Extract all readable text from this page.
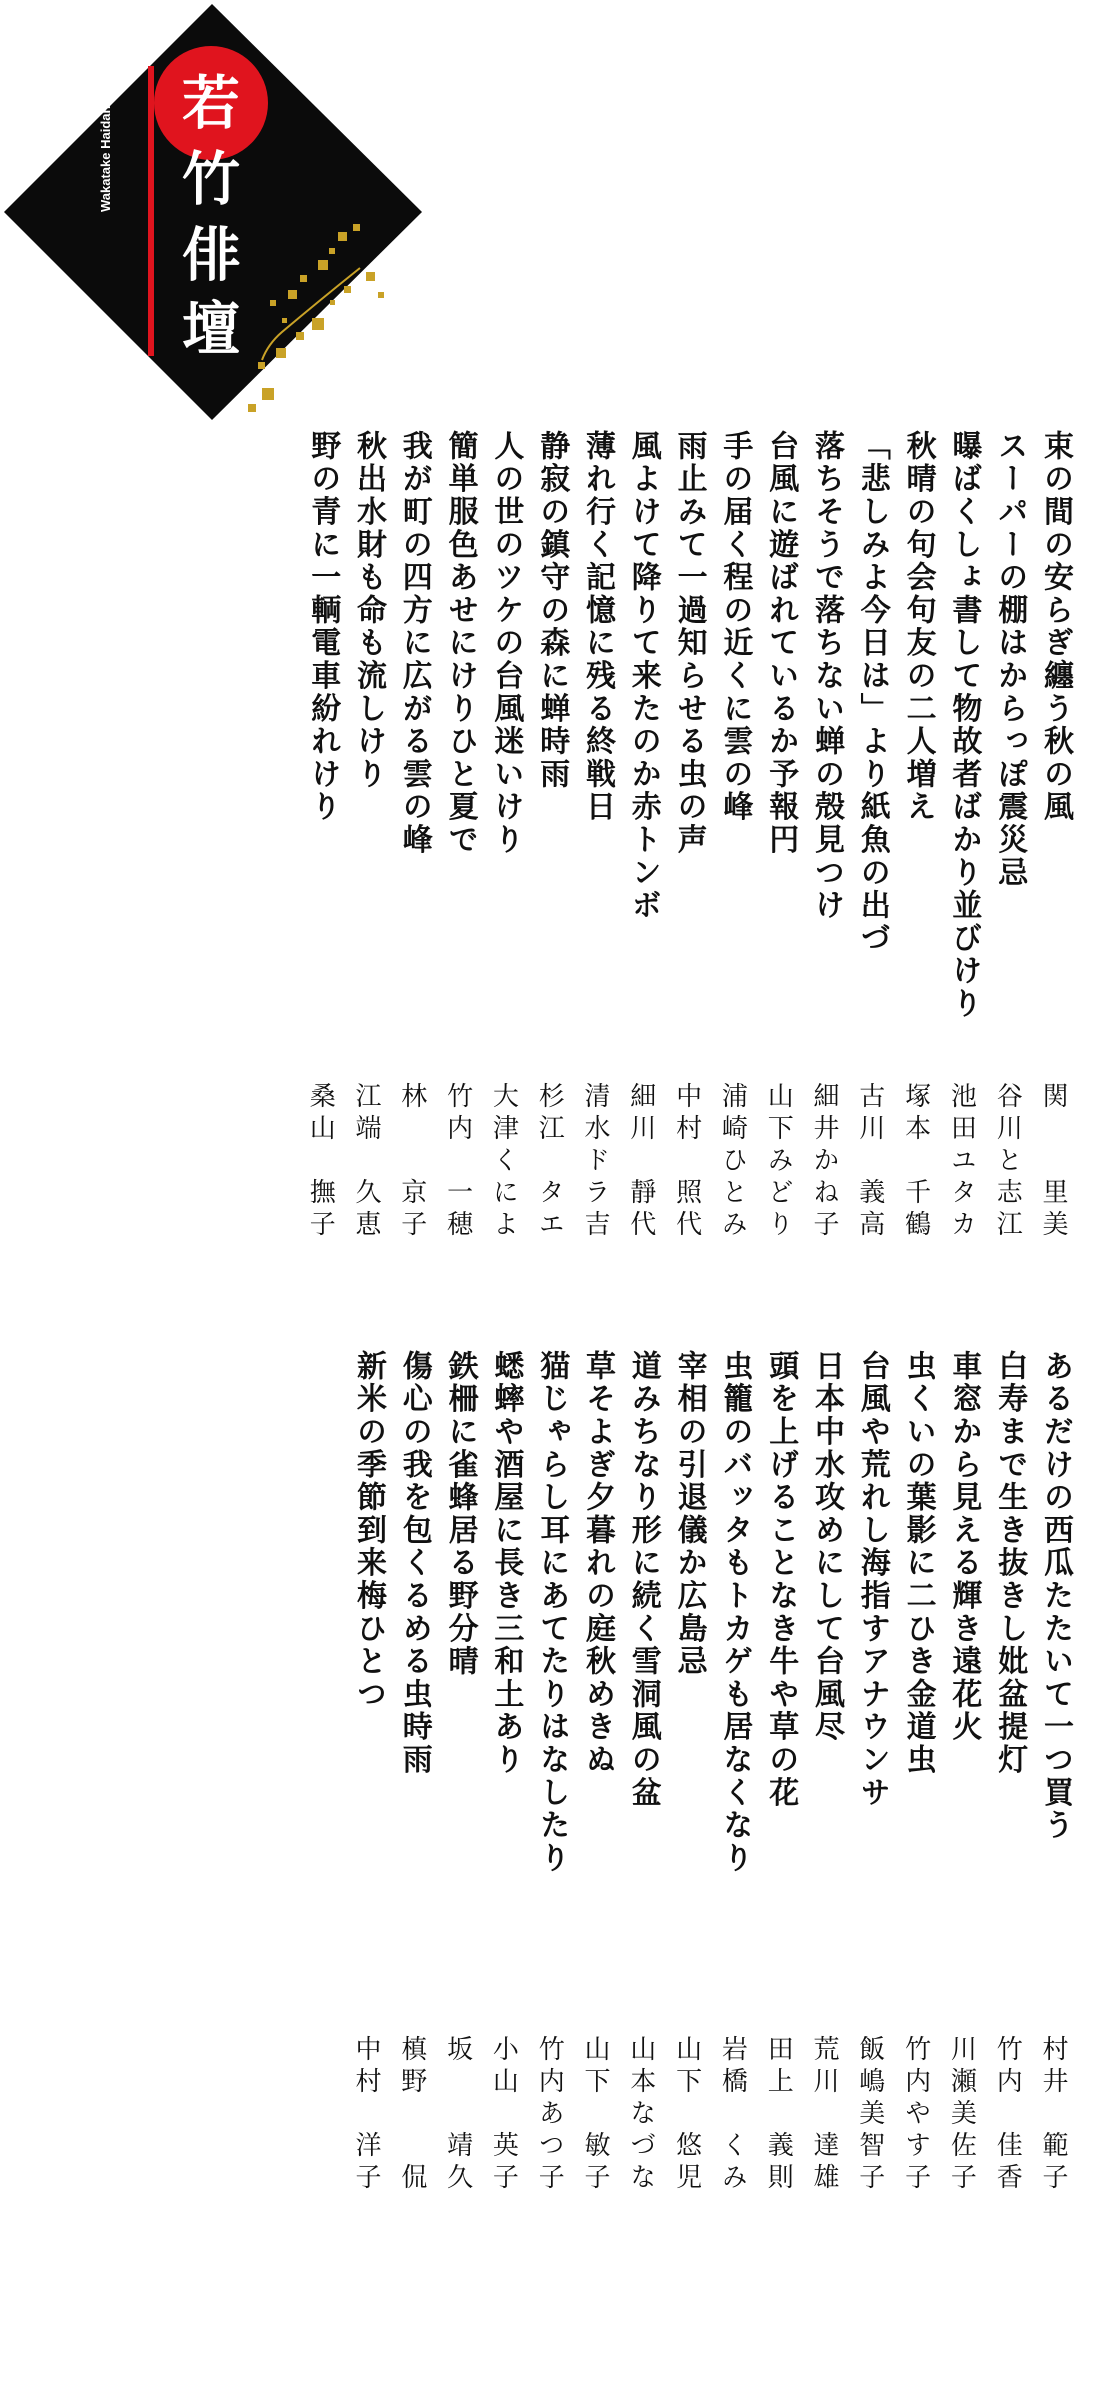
若
竹
俳
壇
Wakatake Haidan
束の間の安らぎ纏う秋の風
スーパーの棚はからっぽ震災忌
曝ばくしょ書して物故者ばかり並びけり
秋晴の句会句友の二人増え
「悲しみよ今日は」より紙魚の出づ
落ちそうで落ちない蝉の殻見つけ
台風に遊ばれているか予報円
手の届く程の近くに雲の峰
雨止みて一過知らせる虫の声
風よけて降りて来たのか赤トンボ
薄れ行く記憶に残る終戦日
静寂の鎮守の森に蝉時雨
人の世のツケの台風迷いけり
簡単服色あせにけりひと夏で
我が町の四方に広がる雲の峰
秋出水財も命も流しけり
野の青に一輌電車紛れけり
関　　里美
谷川と志江
池田ユタカ
塚本　千鶴
古川　義高
細井かね子
山下みどり
浦崎ひとみ
中村　照代
細川　靜代
清水ドラ吉
杉江　タエ
大津くによ
竹内　一穂
林　　京子
江端　久恵
桑山　撫子
あるだけの西瓜たたいて一つ買う
白寿まで生き抜きし妣盆提灯
車窓から見える輝き遠花火
虫くいの葉影に二ひき金道虫
台風や荒れし海指すアナウンサ
日本中水攻めにして台風尽
頭を上げることなき牛や草の花
虫籠のバッタもトカゲも居なくなり
宰相の引退儀か広島忌
道みちなり形に続く雪洞風の盆
草そよぎ夕暮れの庭秋めきぬ
猫じゃらし耳にあてたりはなしたり
蟋蟀や酒屋に長き三和土あり
鉄柵に雀蜂居る野分晴
傷心の我を包くるめる虫時雨
新米の季節到来梅ひとつ
村井　範子
竹内　佳香
川瀬美佐子
竹内やす子
飯嶋美智子
荒川　達雄
田上　義則
岩橋　くみ
山下　悠児
山本なづな
山下　敏子
竹内あつ子
小山　英子
坂　　靖久
槙野　　侃
中村　洋子
